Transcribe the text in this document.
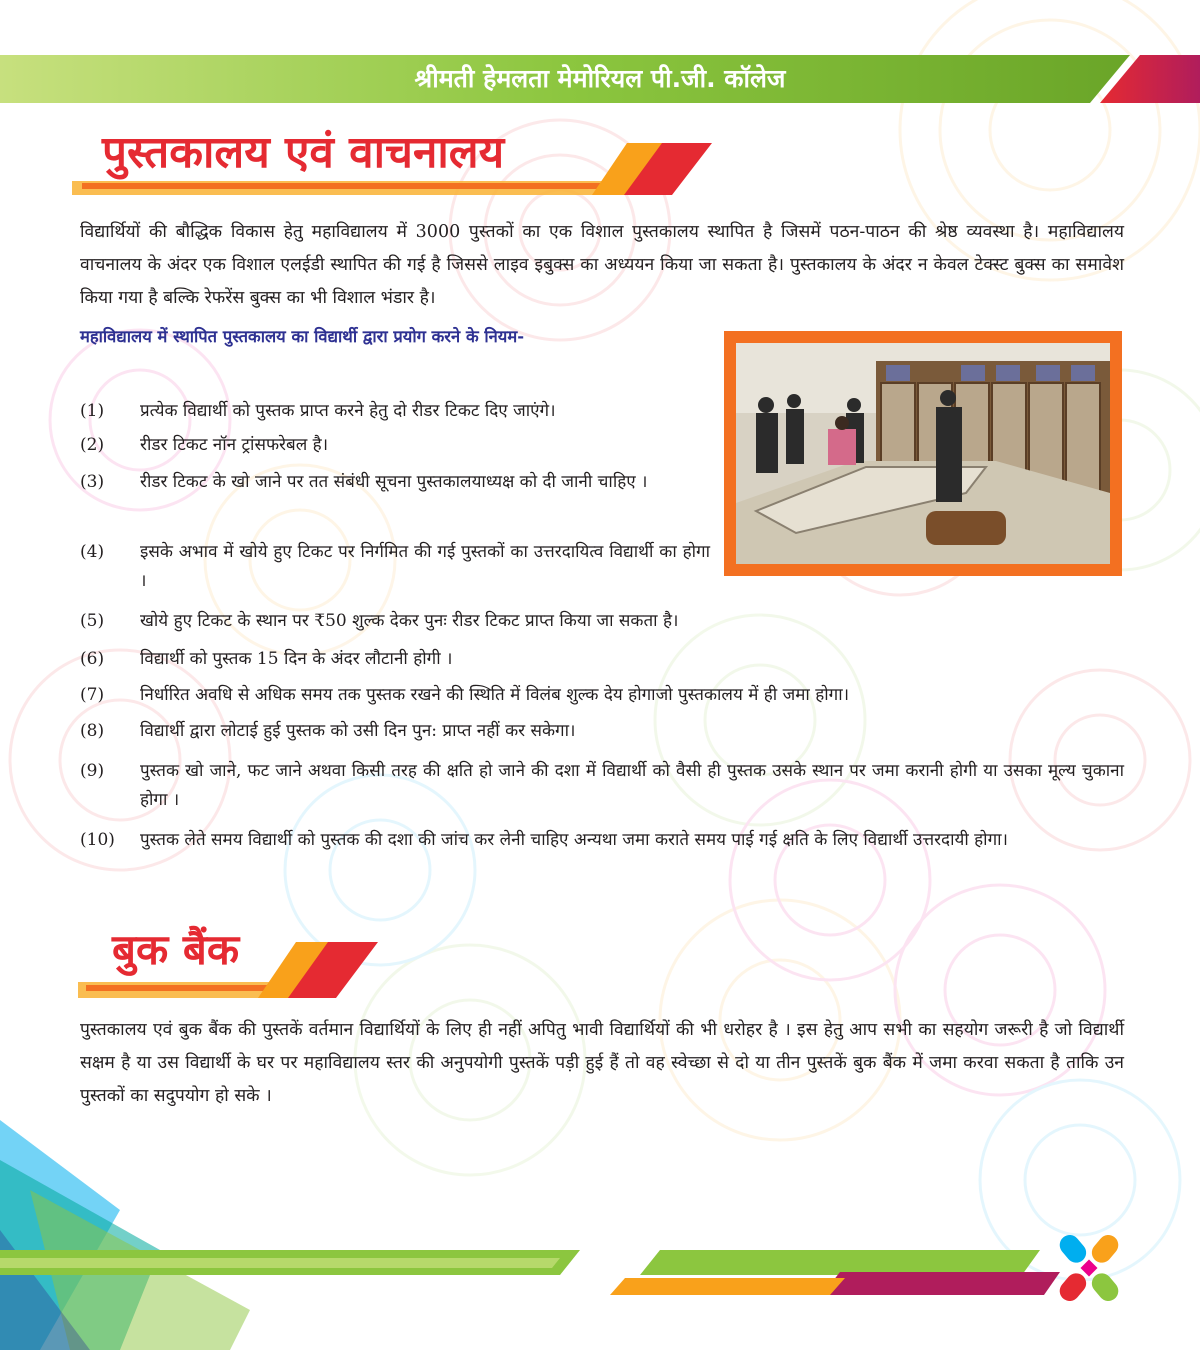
श्रीमती हेमलता मेमोरियल पी.जी. कॉलेज
पुस्तकालय एवं वाचनालय
विद्यार्थियों की बौद्धिक विकास हेतु महाविद्यालय में 3000 पुस्तकों का एक विशाल पुस्तकालय स्थापित है जिसमें पठन-पाठन की श्रेष्ठ व्यवस्था है। महाविद्यालय वाचनालय के अंदर एक विशाल एलईडी स्थापित की गई है जिससे लाइव इबुक्स का अध्ययन किया जा सकता है। पुस्तकालय के अंदर न केवल टेक्स्ट बुक्स का समावेश किया गया है बल्कि रेफरेंस बुक्स का भी विशाल भंडार है।
महाविद्यालय में स्थापित पुस्तकालय का विद्यार्थी द्वारा प्रयोग करने के नियम-
(1) प्रत्येक विद्यार्थी को पुस्तक प्राप्त करने हेतु दो रीडर टिकट दिए जाएंगे।
(2) रीडर टिकट नॉन ट्रांसफरेबल है।
(3) रीडर टिकट के खो जाने पर तत संबंधी सूचना पुस्तकालयाध्यक्ष को दी जानी चाहिए ।
(4) इसके अभाव में खोये हुए टिकट पर निर्गमित की गई पुस्तकों का उत्तरदायित्व विद्यार्थी का होगा ।
(5) खोये हुए टिकट के स्थान पर ₹50 शुल्क देकर पुनः रीडर टिकट प्राप्त किया जा सकता है।
(6) विद्यार्थी को पुस्तक 15 दिन के अंदर लौटानी होगी ।
(7) निर्धारित अवधि से अधिक समय तक पुस्तक रखने की स्थिति में विलंब शुल्क देय होगाजो पुस्तकालय में ही जमा होगा।
(8) विद्यार्थी द्वारा लोटाई हुई पुस्तक को उसी दिन पुन: प्राप्त नहीं कर सकेगा।
(9) पुस्तक खो जाने, फट जाने अथवा किसी तरह की क्षति हो जाने की दशा में विद्यार्थी को वैसी ही पुस्तक उसके स्थान पर जमा करानी होगी या उसका मूल्य चुकाना होगा ।
(10) पुस्तक लेते समय विद्यार्थी को पुस्तक की दशा की जांच कर लेनी चाहिए अन्यथा जमा कराते समय पाई गई क्षति के लिए विद्यार्थी उत्तरदायी होगा।
बुक बैंक
पुस्तकालय एवं बुक बैंक की पुस्तकें वर्तमान विद्यार्थियों के लिए ही नहीं अपितु भावी विद्यार्थियों की भी धरोहर है । इस हेतु आप सभी का सहयोग जरूरी है जो विद्यार्थी सक्षम है या उस विद्यार्थी के घर पर महाविद्यालय स्तर की अनुपयोगी पुस्तकें पड़ी हुई हैं तो वह स्वेच्छा से दो या तीन पुस्तकें बुक बैंक में जमा करवा सकता है ताकि उन पुस्तकों का सदुपयोग हो सके ।
